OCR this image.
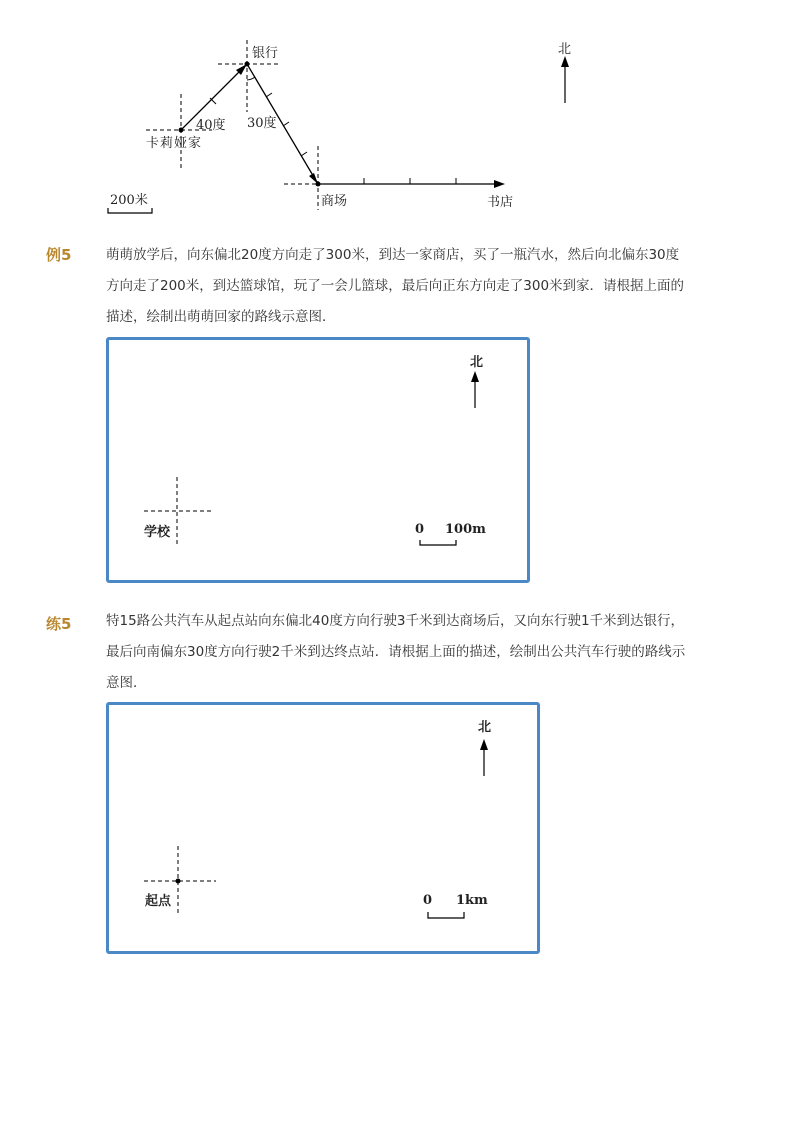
银行
卡莉娅家
商场	书店
40度 30度
200米
北
例5	萌萌放学后，向东偏北20度方向走了300米，到达一家商店，买了一瓶汽水，然后向北偏东30度
方向走了200米，到达篮球馆，玩了一会儿篮球，最后向正东方向走了300米到家．请根据上面的
描述，绘制出萌萌回家的路线示意图．
北
学校	0 100m
练5	特15路公共汽车从起点站向东偏北40度方向行驶3千米到达商场后，又向东行驶1千米到达银行，
最后向南偏东30度方向行驶2千米到达终点站．请根据上面的描述，绘制出公共汽车行驶的路线示
意图．
北
起点	0 1km
